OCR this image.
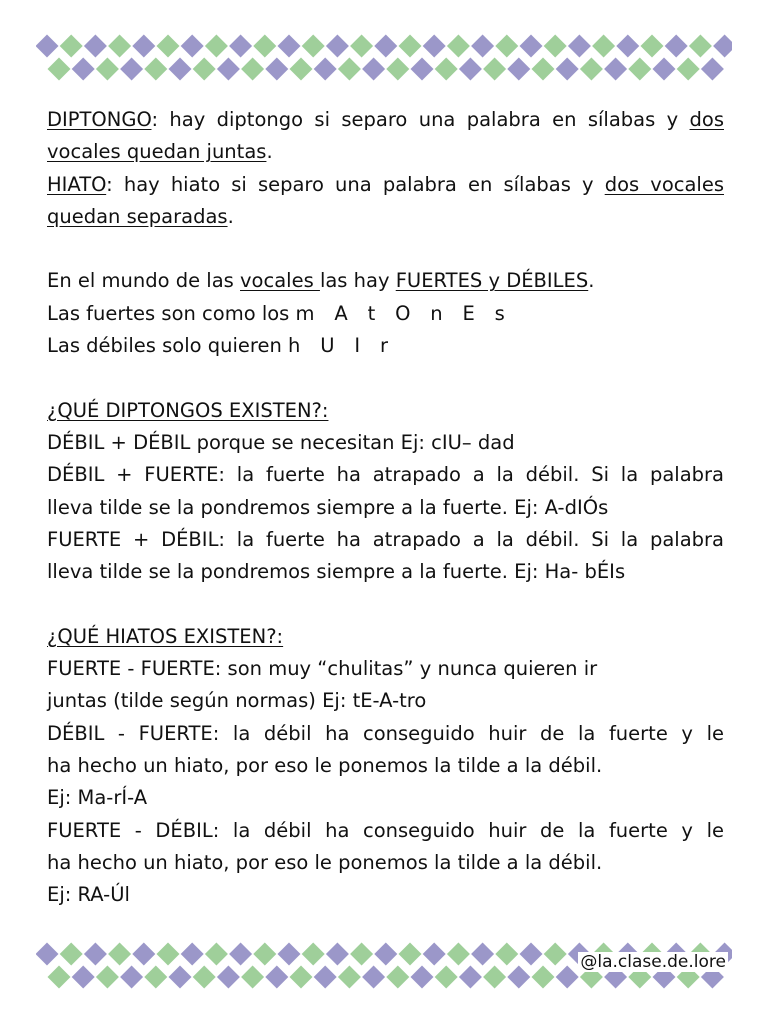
DIPTONGO: hay diptongo si separo una palabra en sílabas y dos
vocales quedan juntas.
HIATO: hay hiato si separo una palabra en sílabas y dos vocales
quedan separadas.
En el mundo de las vocales las hay FUERTES y DÉBILES.
Las fuertes son como los m A t O n E s
Las débiles solo quieren h U I r
¿QUÉ DIPTONGOS EXISTEN?:
DÉBIL + DÉBIL porque se necesitan Ej: cIU– dad
DÉBIL + FUERTE: la fuerte ha atrapado a la débil. Si la palabra
lleva tilde se la pondremos siempre a la fuerte. Ej: A-dIÓs
FUERTE + DÉBIL: la fuerte ha atrapado a la débil. Si la palabra
lleva tilde se la pondremos siempre a la fuerte. Ej: Ha- bÉIs
¿QUÉ HIATOS EXISTEN?:
FUERTE - FUERTE: son muy “chulitas” y nunca quieren ir
juntas (tilde según normas) Ej: tE-A-tro
DÉBIL - FUERTE: la débil ha conseguido huir de la fuerte y le
ha hecho un hiato, por eso le ponemos la tilde a la débil.
Ej: Ma-rÍ-A
FUERTE - DÉBIL: la débil ha conseguido huir de la fuerte y le
ha hecho un hiato, por eso le ponemos la tilde a la débil.
Ej: RA-Úl
@la.clase.de.lore
